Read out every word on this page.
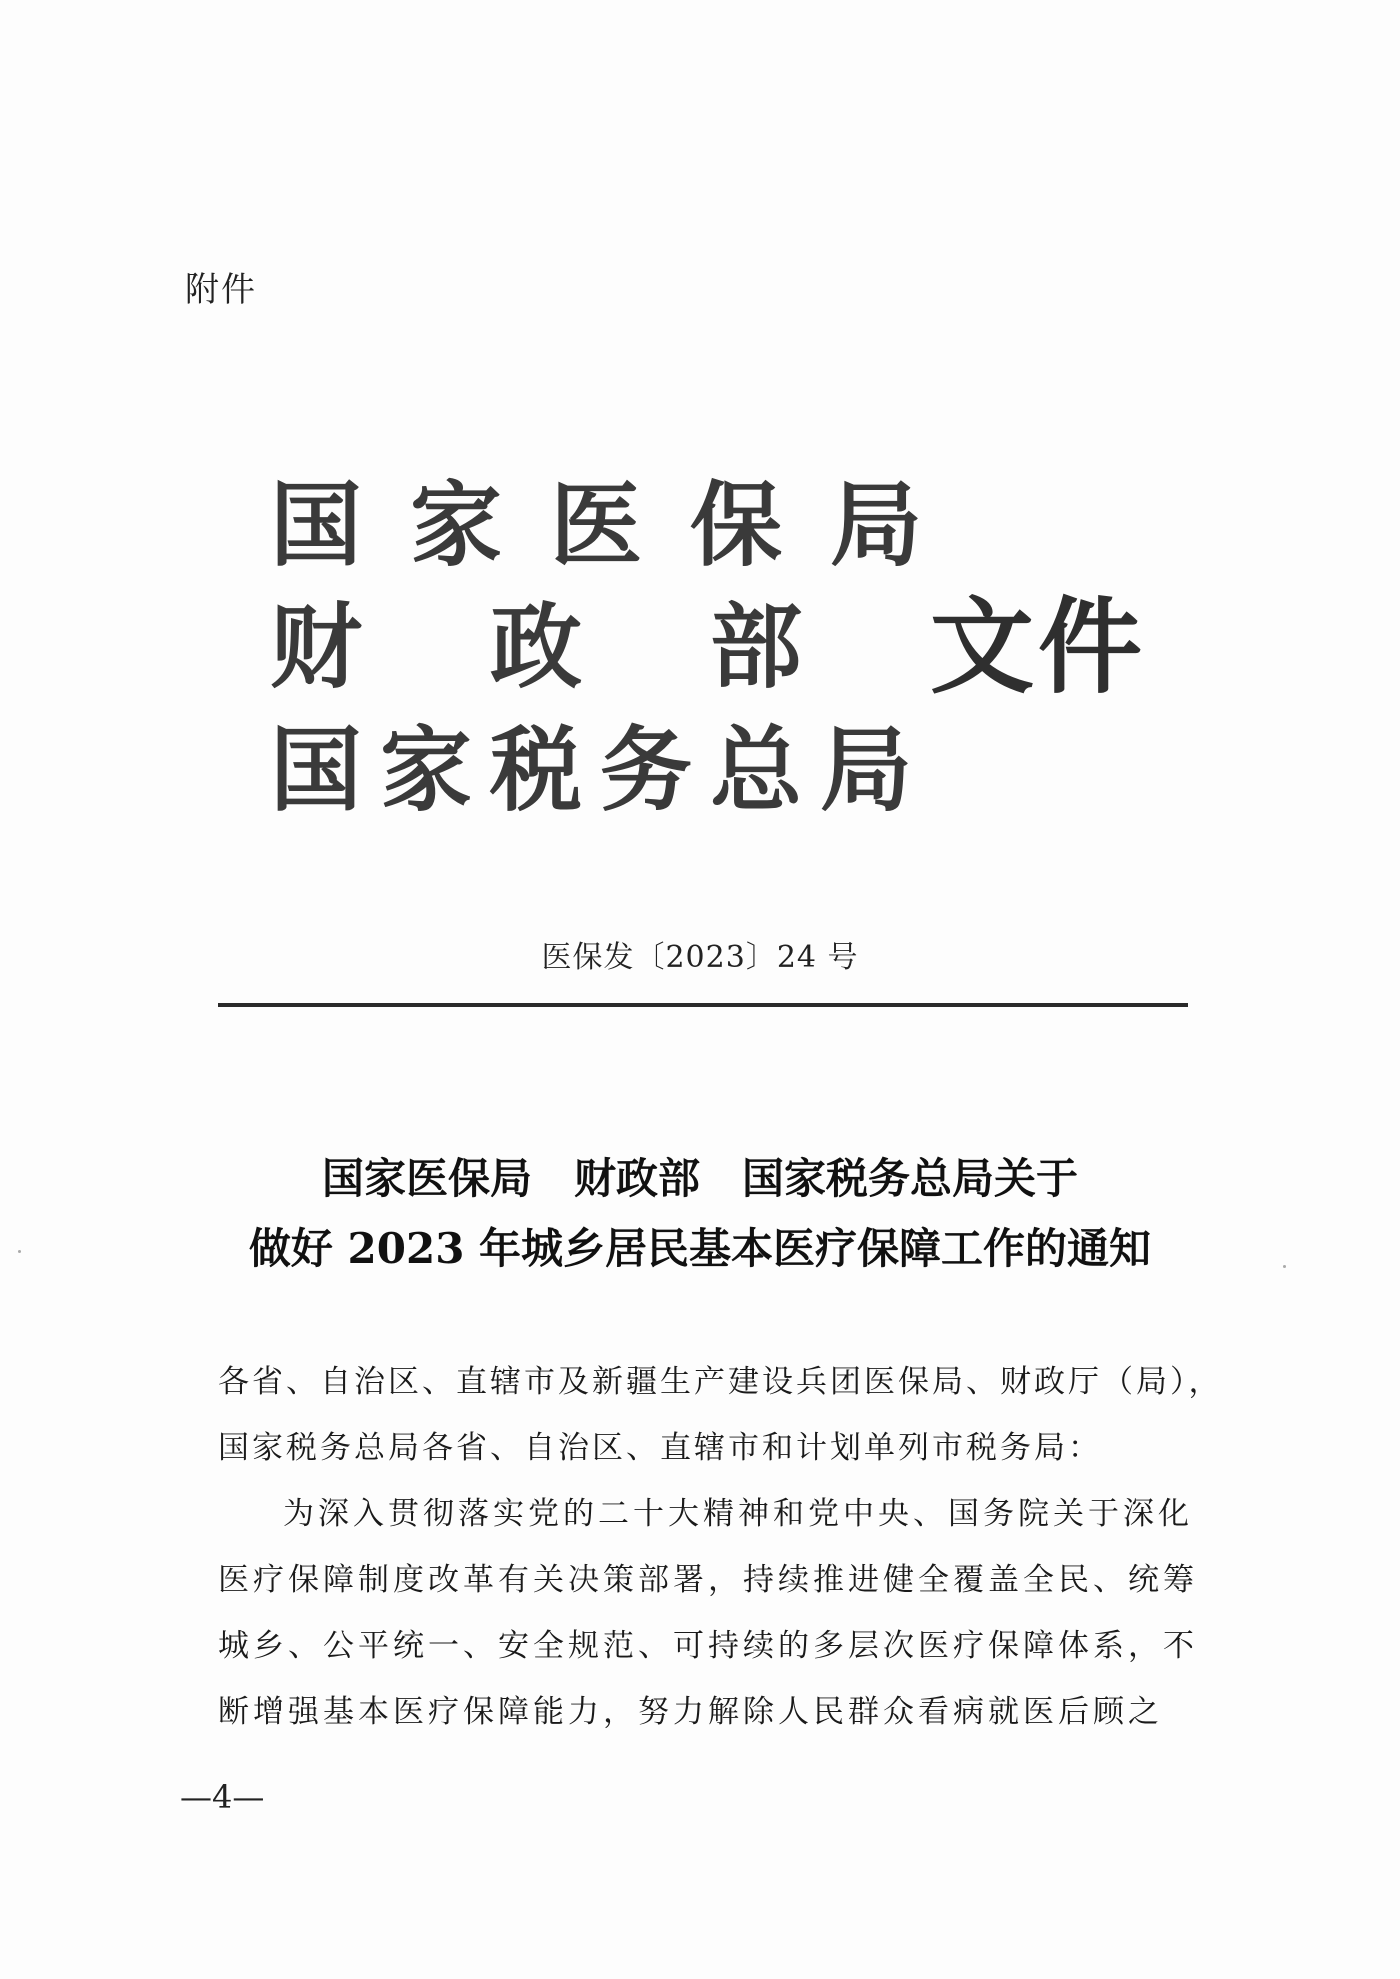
附件
国家医保局
财 政 部
国家税务总局
文件
医保发〔2023〕24 号
国家医保局　财政部　国家税务总局关于
做好 2023 年城乡居民基本医疗保障工作的通知
各省、自治区、直辖市及新疆生产建设兵团医保局、财政厅（局），
国家税务总局各省、自治区、直辖市和计划单列市税务局：
为深入贯彻落实党的二十大精神和党中央、国务院关于深化
医疗保障制度改革有关决策部署，持续推进健全覆盖全民、统筹
城乡、公平统一、安全规范、可持续的多层次医疗保障体系，不
断增强基本医疗保障能力，努力解除人民群众看病就医后顾之
—4—
